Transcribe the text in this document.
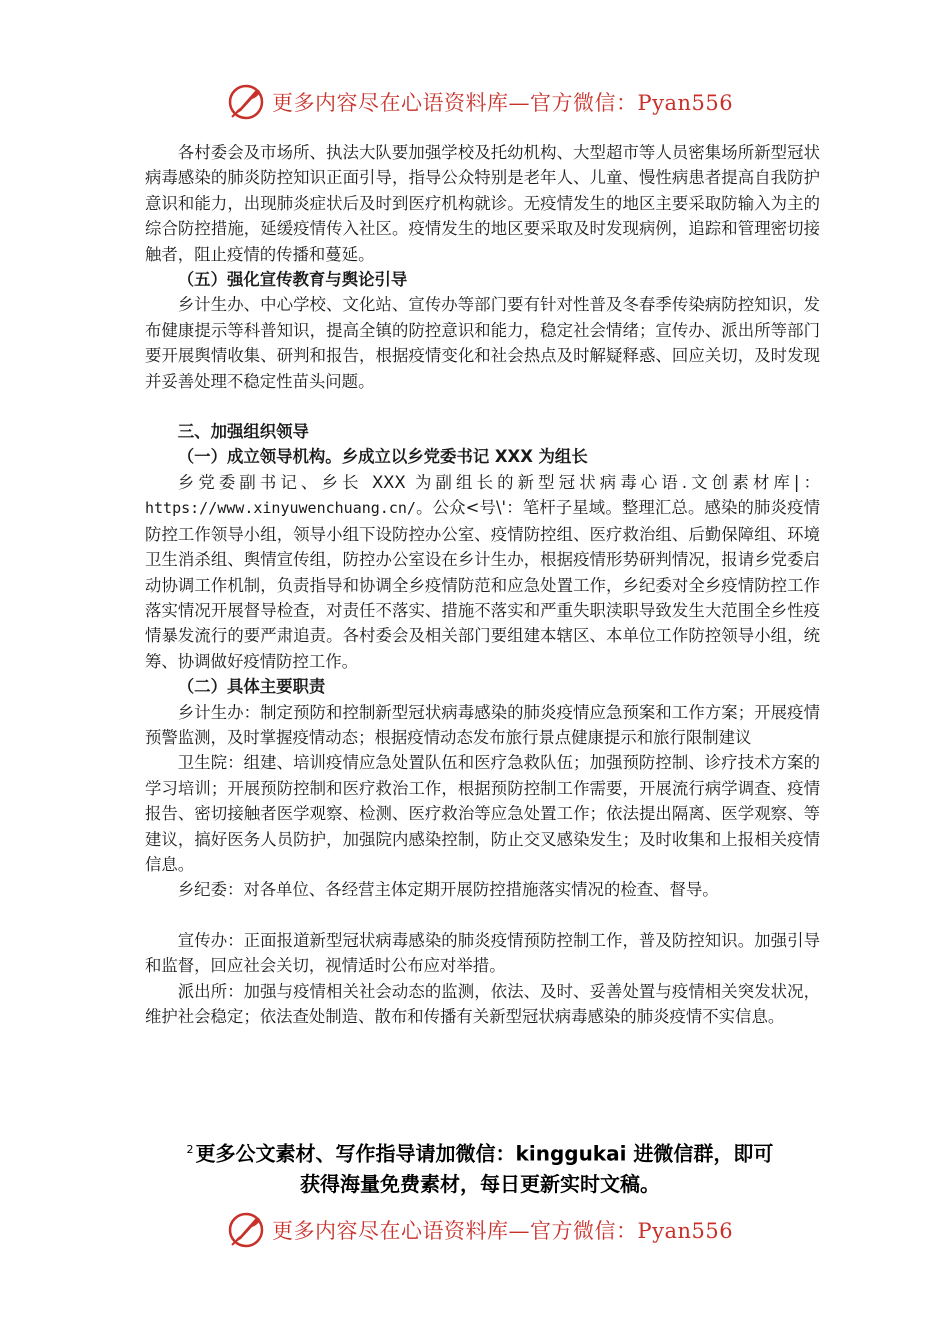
更多内容尽在心语资料库—官方微信：Pyan556

各村委会及市场所、执法大队要加强学校及托幼机构、大型超市等人员密集场所新型冠状病毒感染的肺炎防控知识正面引导，指导公众特别是老年人、儿童、慢性病患者提高自我防护意识和能力，出现肺炎症状后及时到医疗机构就诊。无疫情发生的地区主要采取防输入为主的综合防控措施，延缓疫情传入社区。疫情发生的地区要采取及时发现病例，追踪和管理密切接触者，阻止疫情的传播和蔓延。

（五）强化宣传教育与舆论引导

乡计生办、中心学校、文化站、宣传办等部门要有针对性普及冬春季传染病防控知识，发布健康提示等科普知识，提高全镇的防控意识和能力，稳定社会情绪；宣传办、派出所等部门要开展舆情收集、研判和报告，根据疫情变化和社会热点及时解疑释惑、回应关切，及时发现并妥善处理不稳定性苗头问题。

三、加强组织领导

（一）成立领导机构。乡成立以乡党委书记 XXX 为组长

乡党委副书记、乡长 XXX 为副组长的新型冠状病毒心语.文创素材库|：https://www.xinyuwenchuang.cn/。公众<号\'：笔杆子星域。整理汇总。感染的肺炎疫情防控工作领导小组，领导小组下设防控办公室、疫情防控组、医疗救治组、后勤保障组、环境卫生消杀组、舆情宣传组，防控办公室设在乡计生办，根据疫情形势研判情况，报请乡党委启动协调工作机制，负责指导和协调全乡疫情防范和应急处置工作，乡纪委对全乡疫情防控工作落实情况开展督导检查，对责任不落实、措施不落实和严重失职渎职导致发生大范围全乡性疫情暴发流行的要严肃追责。各村委会及相关部门要组建本辖区、本单位工作防控领导小组，统筹、协调做好疫情防控工作。

（二）具体主要职责

乡计生办：制定预防和控制新型冠状病毒感染的肺炎疫情应急预案和工作方案；开展疫情预警监测，及时掌握疫情动态；根据疫情动态发布旅行景点健康提示和旅行限制建议

卫生院：组建、培训疫情应急处置队伍和医疗急救队伍；加强预防控制、诊疗技术方案的学习培训；开展预防控制和医疗救治工作，根据预防控制工作需要，开展流行病学调查、疫情报告、密切接触者医学观察、检测、医疗救治等应急处置工作；依法提出隔离、医学观察、等建议，搞好医务人员防护，加强院内感染控制，防止交叉感染发生；及时收集和上报相关疫情信息。

乡纪委：对各单位、各经营主体定期开展防控措施落实情况的检查、督导。

宣传办：正面报道新型冠状病毒感染的肺炎疫情预防控制工作，普及防控知识。加强引导和监督，回应社会关切，视情适时公布应对举措。

派出所：加强与疫情相关社会动态的监测，依法、及时、妥善处置与疫情相关突发状况，维护社会稳定；依法查处制造、散布和传播有关新型冠状病毒感染的肺炎疫情不实信息。

$^2$ 更多公文素材、写作指导请加微信：kinggukai 进微信群，即可
获得海量免费素材，每日更新实时文稿。
更多内容尽在心语资料库—官方微信：Pyan556
